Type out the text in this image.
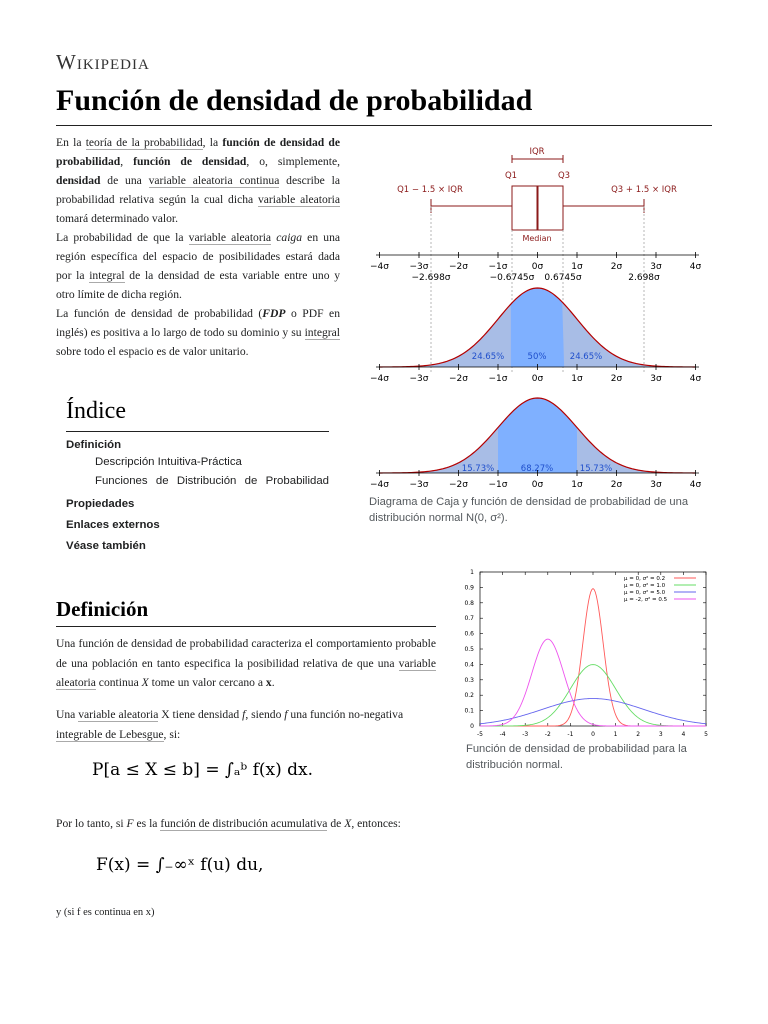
Wikipedia
Función de densidad de probabilidad

En la teoría de la probabilidad, la función de densidad de probabilidad, función de densidad, o, simplemente, densidad de una variable aleatoria continua describe la probabilidad relativa según la cual dicha variable aleatoria tomará determinado valor.

La probabilidad de que la variable aleatoria caiga en una región específica del espacio de posibilidades estará dada por la integral de la densidad de esta variable entre uno y otro límite de dicha región.

La función de densidad de probabilidad (FDP o PDF en inglés) es positiva a lo largo de todo su dominio y su integral sobre todo el espacio es de valor unitario.

IQR
Q1	Q3
Q1 − 1.5 × IQR	Q3 + 1.5 × IQR
Median
−4σ −3σ −2σ −1σ	0σ	1σ	2σ	3σ	4σ
−2.698σ	−0.6745σ 0.6745σ	2.698σ
24.65%	50%	24.65%
−4σ −3σ −2σ −1σ	0σ	1σ	2σ	3σ	4σ
15.73%	68.27%	15.73%
−4σ −3σ −2σ −1σ	0σ	1σ	2σ	3σ	4σ
Diagrama de Caja y función de densidad de probabilidad de una distribución normal N(0, σ²).
Índice
Definición
Descripción Intuitiva-Práctica
Funciones de Distribución de Probabilidad
Propiedades
Enlaces externos
Véase también
Definición

Una función de densidad de probabilidad caracteriza el comportamiento probable de una población en tanto especifica la posibilidad relativa de que una variable aleatoria continua X tome un valor cercano a x.

Una variable aleatoria X tiene densidad f, siendo f una función no-negativa integrable de Lebesgue, si:

P[a ≤ X ≤ b] = ∫ₐᵇ f(x) dx.

Por lo tanto, si F es la función de distribución acumulativa de X, entonces:

F(x) = ∫₋∞ˣ f(u) du,

y (si f es continua en x)

-5	-4	-3	-2	-1	0	1	2	3	4	5
0
0.1
0.2
0.3
0.4
0.5
0.6
0.7
0.8
0.9
1
μ = 0, σ² = 0.2
μ = 0, σ² = 1.0
μ = 0, σ² = 5.0
μ = -2, σ² = 0.5

Función de densidad de probabilidad para la distribución normal.
